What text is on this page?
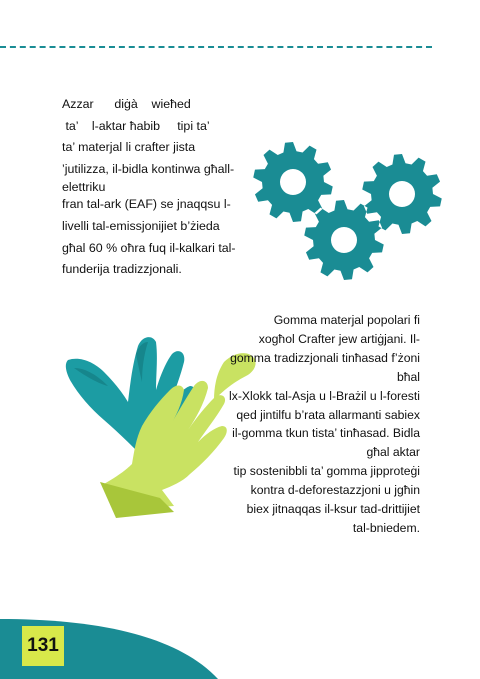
Azzar      diġà    wieħed
ta’    l-aktar ħabib     tipi ta’
ta’ materjal li crafter jista
’jutilizza, il-bidla kontinwa għall-
elettriku
fran tal-ark (EAF) se jnaqqsu l-
livelli tal-emissjonijiet b’żieda
għal 60 % oħra fuq il-kalkari tal-
funderija tradizzjonali.
Gomma materjal popolari fi
xogħol Crafter jew artiġjani. Il-
gomma tradizzjonali tinħasad f’żoni
bħal
lx-Xlokk tal-Asja u l-Brażil u l-foresti
qed jintilfu b’rata allarmanti sabiex
il-gomma tkun tista’ tinħasad. Bidla
għal aktar
tip sostenibbli ta’ gomma jipproteġi
kontra d-deforestazzjoni u jgħin
biex jitnaqqas il-ksur tad-drittijiet
tal-bniedem.
131
